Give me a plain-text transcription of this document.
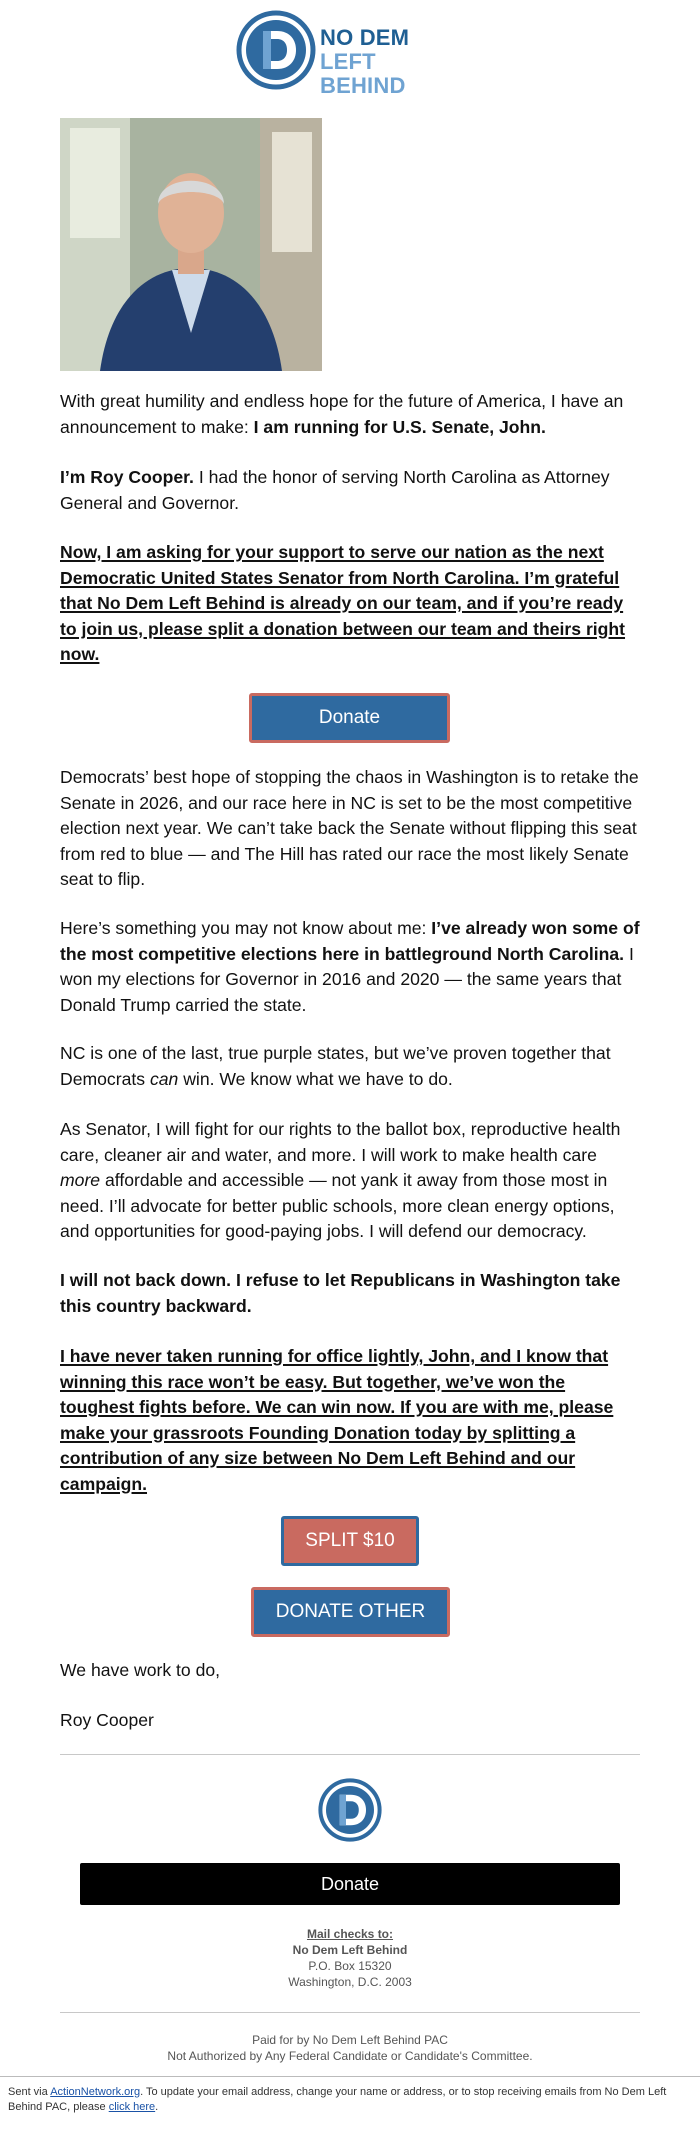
NO DEM
LEFT BEHIND
With great humility and endless hope for the future of America, I have an announcement to make: I am running for U.S. Senate, John.
I’m Roy Cooper. I had the honor of serving North Carolina as Attorney General and Governor.
Now, I am asking for your support to serve our nation as the next Democratic United States Senator from North Carolina. I’m grateful that No Dem Left Behind is already on our team, and if you’re ready to join us, please split a donation between our team and theirs right now.
Donate
Democrats’ best hope of stopping the chaos in Washington is to retake the Senate in 2026, and our race here in NC is set to be the most competitive election next year. We can’t take back the Senate without flipping this seat from red to blue — and The Hill has rated our race the most likely Senate seat to flip.
Here’s something you may not know about me: I’ve already won some of the most competitive elections here in battleground North Carolina. I won my elections for Governor in 2016 and 2020 — the same years that Donald Trump carried the state.
NC is one of the last, true purple states, but we’ve proven together that Democrats can win. We know what we have to do.
As Senator, I will fight for our rights to the ballot box, reproductive health care, cleaner air and water, and more. I will work to make health care more affordable and accessible — not yank it away from those most in need. I’ll advocate for better public schools, more clean energy options, and opportunities for good-paying jobs. I will defend our democracy.
I will not back down. I refuse to let Republicans in Washington take this country backward.
I have never taken running for office lightly, John, and I know that winning this race won’t be easy. But together, we’ve won the toughest fights before. We can win now. If you are with me, please make your grassroots Founding Donation today by splitting a contribution of any size between No Dem Left Behind and our campaign.
SPLIT $10
DONATE OTHER
We have work to do,
Roy Cooper
Donate
Mail checks to:
No Dem Left Behind
P.O. Box 15320
Washington, D.C. 2003
Paid for by No Dem Left Behind PAC
Not Authorized by Any Federal Candidate or Candidate's Committee.
Sent via ActionNetwork.org. To update your email address, change your name or address, or to stop receiving emails from No Dem Left Behind PAC, please click here.
